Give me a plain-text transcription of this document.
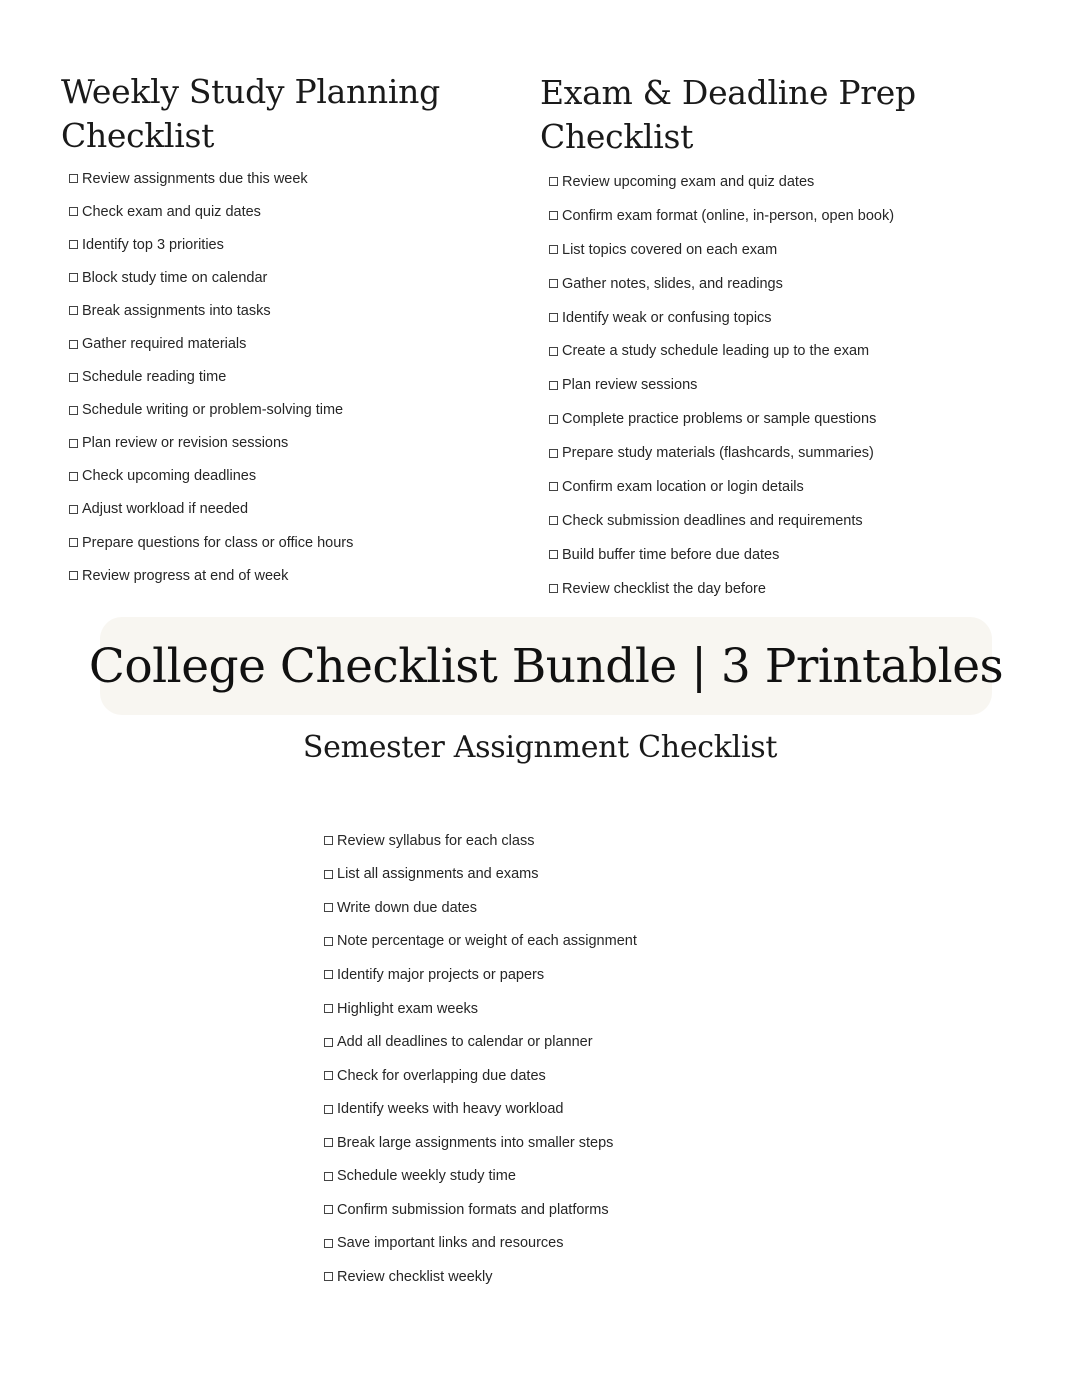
Weekly Study Planning Checklist
Review assignments due this week
Check exam and quiz dates
Identify top 3 priorities
Block study time on calendar
Break assignments into tasks
Gather required materials
Schedule reading time
Schedule writing or problem-solving time
Plan review or revision sessions
Check upcoming deadlines
Adjust workload if needed
Prepare questions for class or office hours
Review progress at end of week
Exam & Deadline Prep Checklist
Review upcoming exam and quiz dates
Confirm exam format (online, in-person, open book)
List topics covered on each exam
Gather notes, slides, and readings
Identify weak or confusing topics
Create a study schedule leading up to the exam
Plan review sessions
Complete practice problems or sample questions
Prepare study materials (flashcards, summaries)
Confirm exam location or login details
Check submission deadlines and requirements
Build buffer time before due dates
Review checklist the day before
College Checklist Bundle | 3 Printables
Semester Assignment Checklist
Review syllabus for each class
List all assignments and exams
Write down due dates
Note percentage or weight of each assignment
Identify major projects or papers
Highlight exam weeks
Add all deadlines to calendar or planner
Check for overlapping due dates
Identify weeks with heavy workload
Break large assignments into smaller steps
Schedule weekly study time
Confirm submission formats and platforms
Save important links and resources
Review checklist weekly
